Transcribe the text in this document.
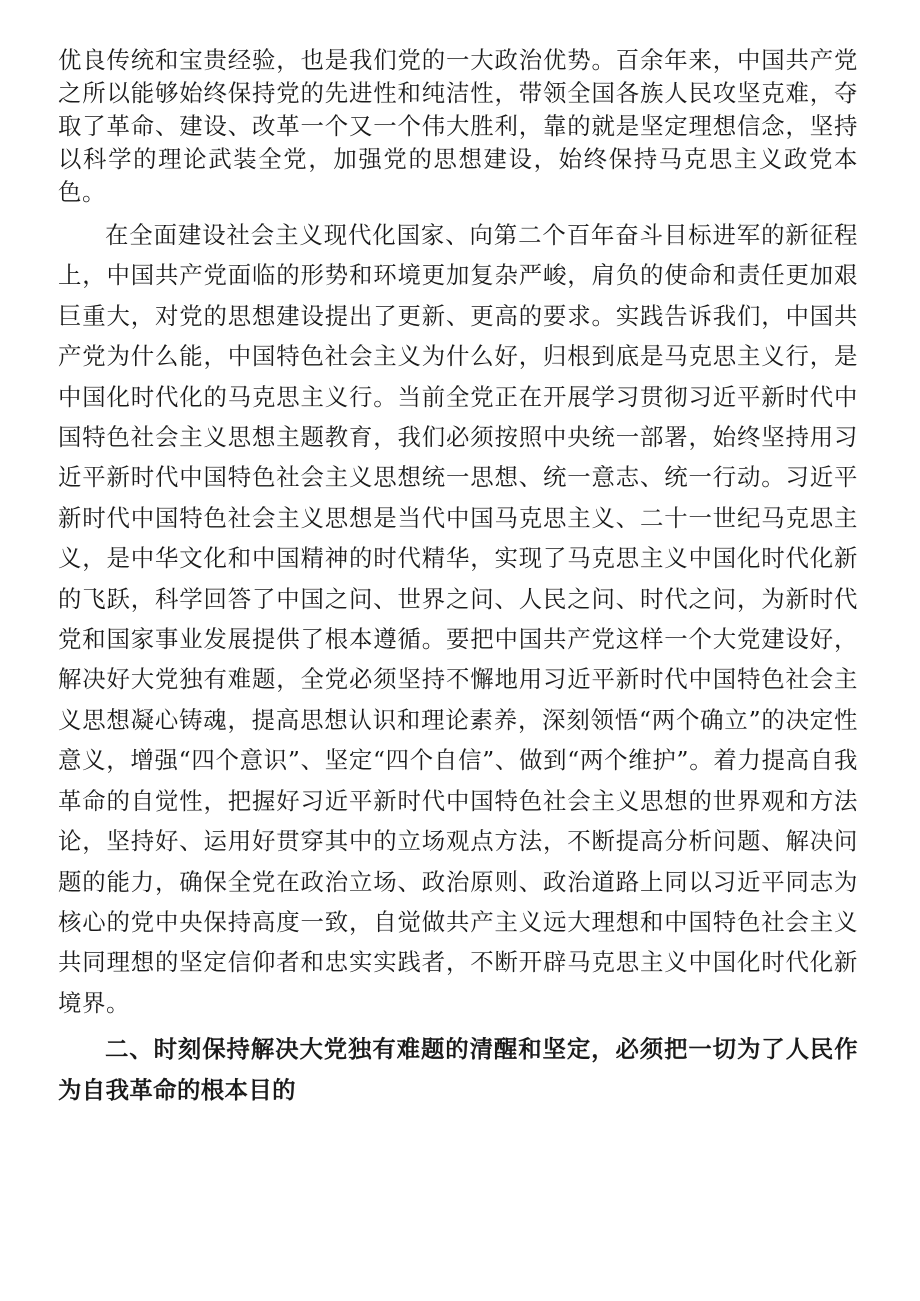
优良传统和宝贵经验，也是我们党的一大政治优势。百余年来，中国共产党之所以能够始终保持党的先进性和纯洁性，带领全国各族人民攻坚克难，夺取了革命、建设、改革一个又一个伟大胜利，靠的就是坚定理想信念，坚持以科学的理论武装全党，加强党的思想建设，始终保持马克思主义政党本色。

在全面建设社会主义现代化国家、向第二个百年奋斗目标进军的新征程上，中国共产党面临的形势和环境更加复杂严峻，肩负的使命和责任更加艰巨重大，对党的思想建设提出了更新、更高的要求。实践告诉我们，中国共产党为什么能，中国特色社会主义为什么好，归根到底是马克思主义行，是中国化时代化的马克思主义行。当前全党正在开展学习贯彻习近平新时代中国特色社会主义思想主题教育，我们必须按照中央统一部署，始终坚持用习近平新时代中国特色社会主义思想统一思想、统一意志、统一行动。习近平新时代中国特色社会主义思想是当代中国马克思主义、二十一世纪马克思主义，是中华文化和中国精神的时代精华，实现了马克思主义中国化时代化新的飞跃，科学回答了中国之问、世界之问、人民之问、时代之问，为新时代党和国家事业发展提供了根本遵循。要把中国共产党这样一个大党建设好，解决好大党独有难题，全党必须坚持不懈地用习近平新时代中国特色社会主义思想凝心铸魂，提高思想认识和理论素养，深刻领悟“两个确立”的决定性意义，增强“四个意识”、坚定“四个自信”、做到“两个维护”。着力提高自我革命的自觉性，把握好习近平新时代中国特色社会主义思想的世界观和方法论，坚持好、运用好贯穿其中的立场观点方法，不断提高分析问题、解决问题的能力，确保全党在政治立场、政治原则、政治道路上同以习近平同志为核心的党中央保持高度一致，自觉做共产主义远大理想和中国特色社会主义共同理想的坚定信仰者和忠实实践者，不断开辟马克思主义中国化时代化新境界。

二、时刻保持解决大党独有难题的清醒和坚定，必须把一切为了人民作为自我革命的根本目的
